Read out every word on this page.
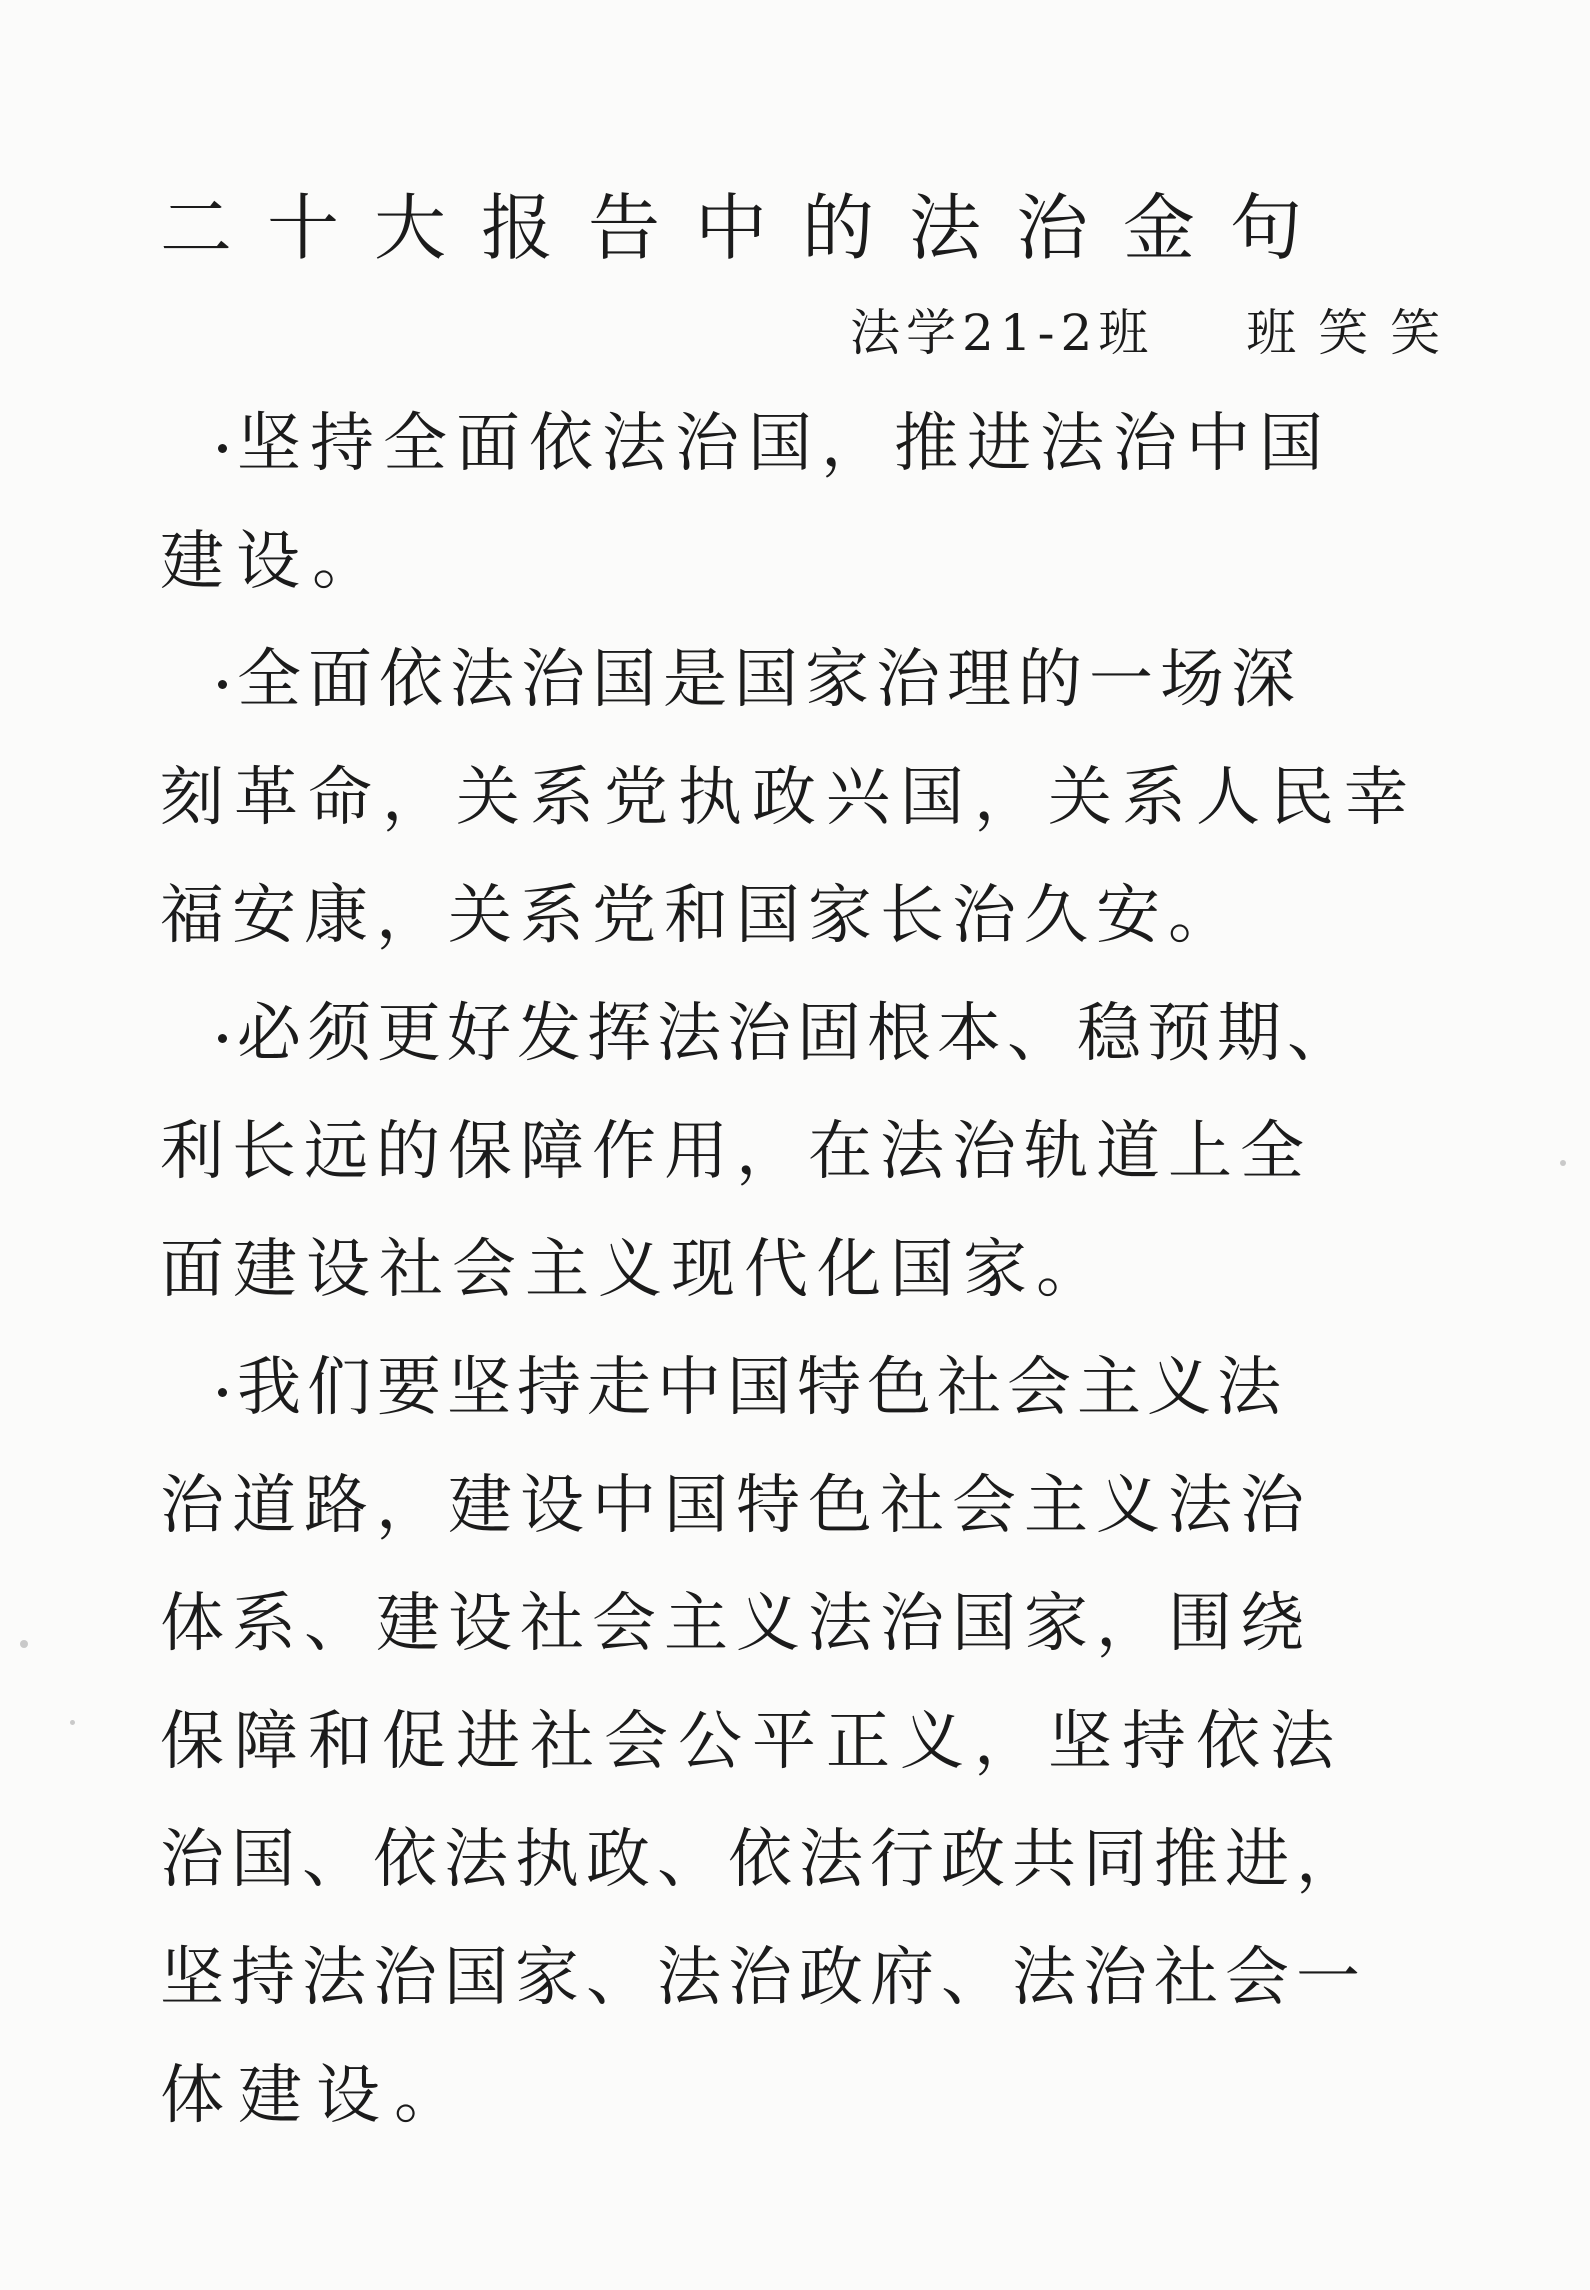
二十大报告中的法治金句
法学21-2班 班笑笑
坚持全面依法治国，推进法治中国
建设。
全面依法治国是国家治理的一场深
刻革命，关系党执政兴国，关系人民幸
福安康，关系党和国家长治久安。
必须更好发挥法治固根本、稳预期、
利长远的保障作用，在法治轨道上全
面建设社会主义现代化国家。
我们要坚持走中国特色社会主义法
治道路，建设中国特色社会主义法治
体系、建设社会主义法治国家，围绕
保障和促进社会公平正义，坚持依法
治国、依法执政、依法行政共同推进，
坚持法治国家、法治政府、法治社会一
体建设。
